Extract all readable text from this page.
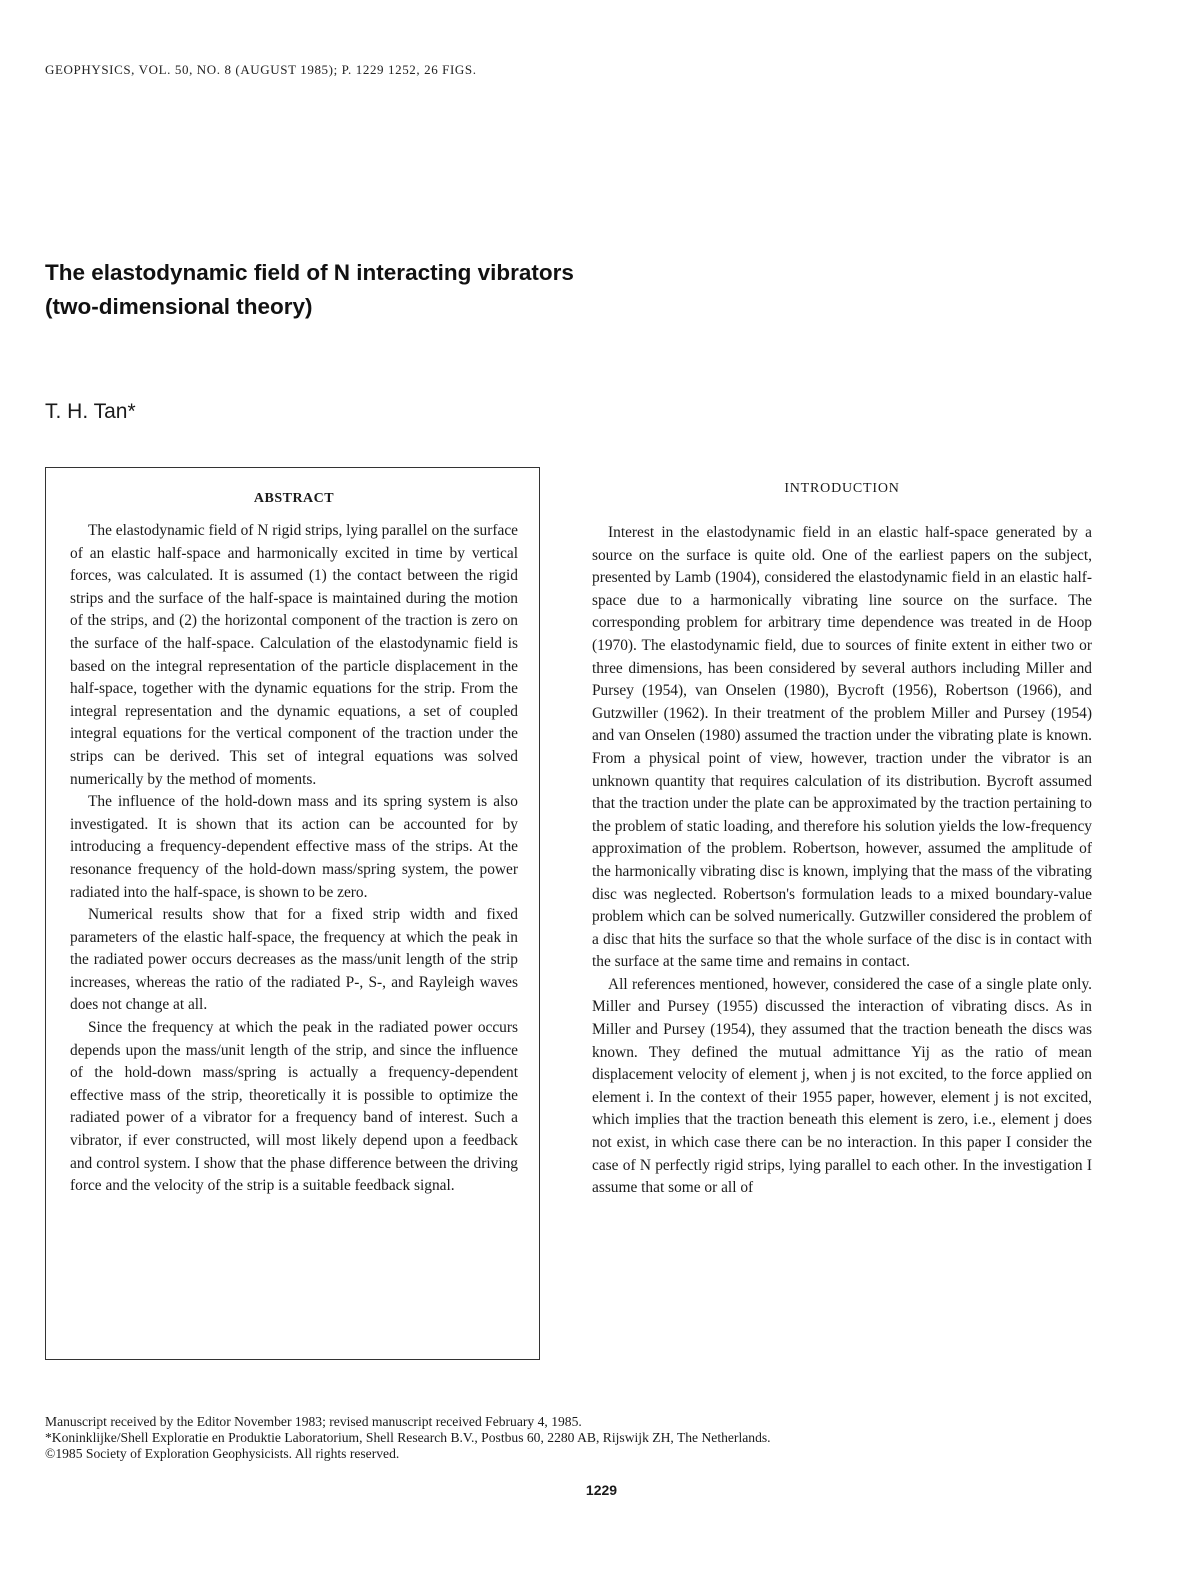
GEOPHYSICS, VOL. 50, NO. 8 (AUGUST 1985); P. 1229 1252, 26 FIGS.
The elastodynamic field of N interacting vibrators
(two-dimensional theory)
T. H. Tan*
ABSTRACT

The elastodynamic field of N rigid strips, lying parallel on the surface of an elastic half-space and harmonically excited in time by vertical forces, was calculated. It is assumed (1) the contact between the rigid strips and the surface of the half-space is maintained during the motion of the strips, and (2) the horizontal component of the traction is zero on the surface of the half-space. Calculation of the elastodynamic field is based on the integral representation of the particle displacement in the half-space, together with the dynamic equations for the strip. From the integral representation and the dynamic equations, a set of coupled integral equations for the vertical component of the traction under the strips can be derived. This set of integral equations was solved numerically by the method of moments.

The influence of the hold-down mass and its spring system is also investigated. It is shown that its action can be accounted for by introducing a frequency-dependent effective mass of the strips. At the resonance frequency of the hold-down mass/spring system, the power radiated into the half-space, is shown to be zero.

Numerical results show that for a fixed strip width and fixed parameters of the elastic half-space, the frequency at which the peak in the radiated power occurs decreases as the mass/unit length of the strip increases, whereas the ratio of the radiated P-, S-, and Rayleigh waves does not change at all.

Since the frequency at which the peak in the radiated power occurs depends upon the mass/unit length of the strip, and since the influence of the hold-down mass/spring is actually a frequency-dependent effective mass of the strip, theoretically it is possible to optimize the radiated power of a vibrator for a frequency band of interest. Such a vibrator, if ever constructed, will most likely depend upon a feedback and control system. I show that the phase difference between the driving force and the velocity of the strip is a suitable feedback signal.

INTRODUCTION

Interest in the elastodynamic field in an elastic half-space generated by a source on the surface is quite old. One of the earliest papers on the subject, presented by Lamb (1904), considered the elastodynamic field in an elastic half-space due to a harmonically vibrating line source on the surface. The corresponding problem for arbitrary time dependence was treated in de Hoop (1970). The elastodynamic field, due to sources of finite extent in either two or three dimensions, has been considered by several authors including Miller and Pursey (1954), van Onselen (1980), Bycroft (1956), Robertson (1966), and Gutzwiller (1962). In their treatment of the problem Miller and Pursey (1954) and van Onselen (1980) assumed the traction under the vibrating plate is known. From a physical point of view, however, traction under the vibrator is an unknown quantity that requires calculation of its distribution. Bycroft assumed that the traction under the plate can be approximated by the traction pertaining to the problem of static loading, and therefore his solution yields the low-frequency approximation of the problem. Robertson, however, assumed the amplitude of the harmonically vibrating disc is known, implying that the mass of the vibrating disc was neglected. Robertson's formulation leads to a mixed boundary-value problem which can be solved numerically. Gutzwiller considered the problem of a disc that hits the surface so that the whole surface of the disc is in contact with the surface at the same time and remains in contact.

All references mentioned, however, considered the case of a single plate only. Miller and Pursey (1955) discussed the interaction of vibrating discs. As in Miller and Pursey (1954), they assumed that the traction beneath the discs was known. They defined the mutual admittance Yij as the ratio of mean displacement velocity of element j, when j is not excited, to the force applied on element i. In the context of their 1955 paper, however, element j is not excited, which implies that the traction beneath this element is zero, i.e., element j does not exist, in which case there can be no interaction. In this paper I consider the case of N perfectly rigid strips, lying parallel to each other. In the investigation I assume that some or all of

Manuscript received by the Editor November 1983; revised manuscript received February 4, 1985.
*Koninklijke/Shell Exploratie en Produktie Laboratorium, Shell Research B.V., Postbus 60, 2280 AB, Rijswijk ZH, The Netherlands.
©1985 Society of Exploration Geophysicists. All rights reserved.
1229
